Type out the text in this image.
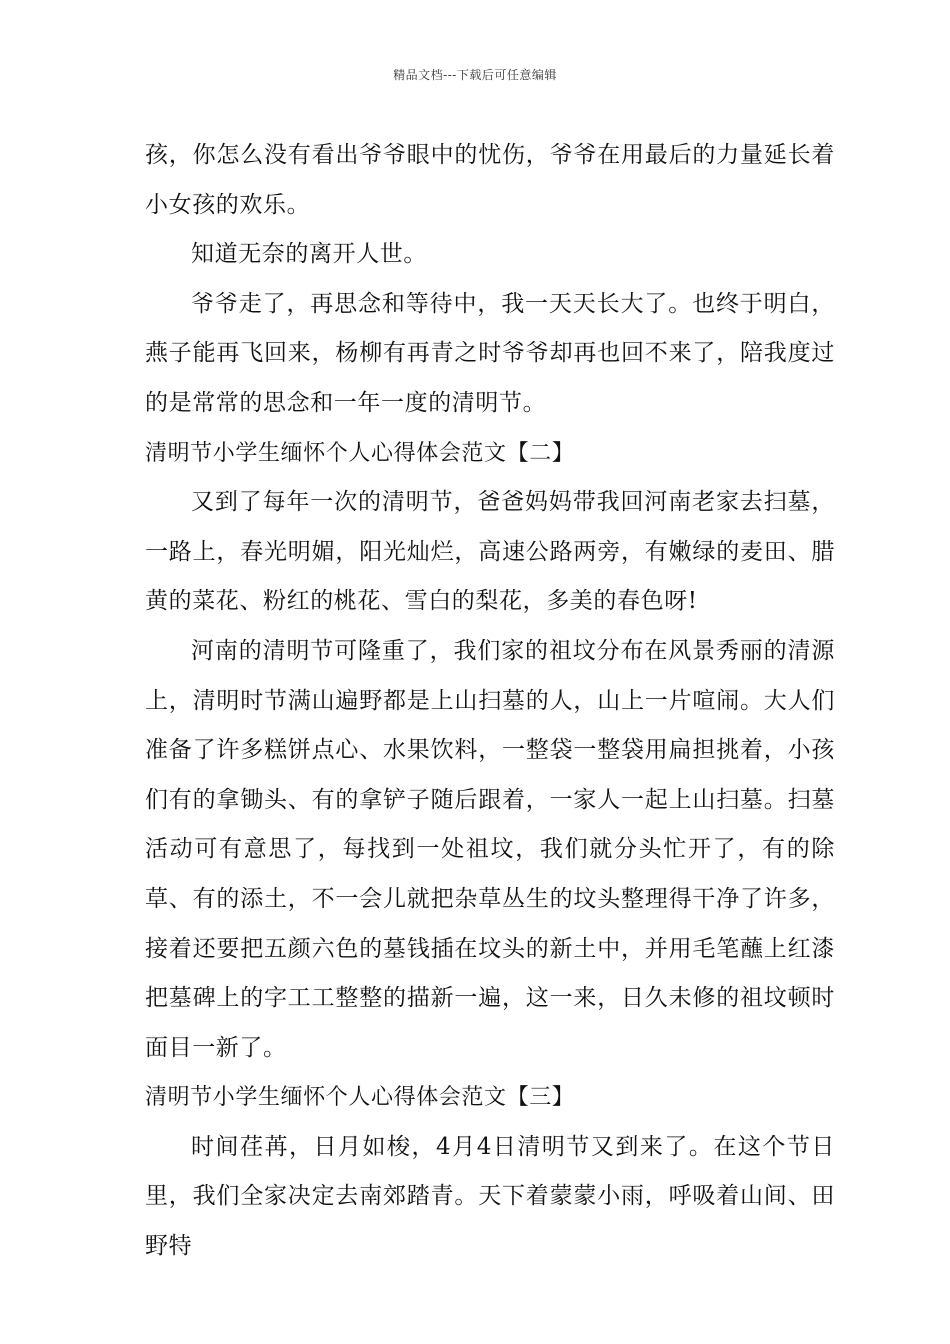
精品文档---下载后可任意编辑

孩，你怎么没有看出爷爷眼中的忧伤，爷爷在用最后的力量延长着小女孩的欢乐。

知道无奈的离开人世。

爷爷走了，再思念和等待中，我一天天长大了。也终于明白，燕子能再飞回来，杨柳有再青之时爷爷却再也回不来了，陪我度过的是常常的思念和一年一度的清明节。

清明节小学生缅怀个人心得体会范文【二】

又到了每年一次的清明节，爸爸妈妈带我回河南老家去扫墓，一路上，春光明媚，阳光灿烂，高速公路两旁，有嫩绿的麦田、腊黄的菜花、粉红的桃花、雪白的梨花，多美的春色呀!

河南的清明节可隆重了，我们家的祖坟分布在风景秀丽的清源上，清明时节满山遍野都是上山扫墓的人，山上一片喧闹。大人们准备了许多糕饼点心、水果饮料，一整袋一整袋用扁担挑着，小孩们有的拿锄头、有的拿铲子随后跟着，一家人一起上山扫墓。扫墓活动可有意思了，每找到一处祖坟，我们就分头忙开了，有的除草、有的添土，不一会儿就把杂草丛生的坟头整理得干净了许多，接着还要把五颜六色的墓钱插在坟头的新土中，并用毛笔蘸上红漆把墓碑上的字工工整整的描新一遍，这一来，日久未修的祖坟顿时面目一新了。

清明节小学生缅怀个人心得体会范文【三】

时间荏苒，日月如梭，4月4日清明节又到来了。在这个节日里，我们全家决定去南郊踏青。天下着蒙蒙小雨，呼吸着山间、田野特
